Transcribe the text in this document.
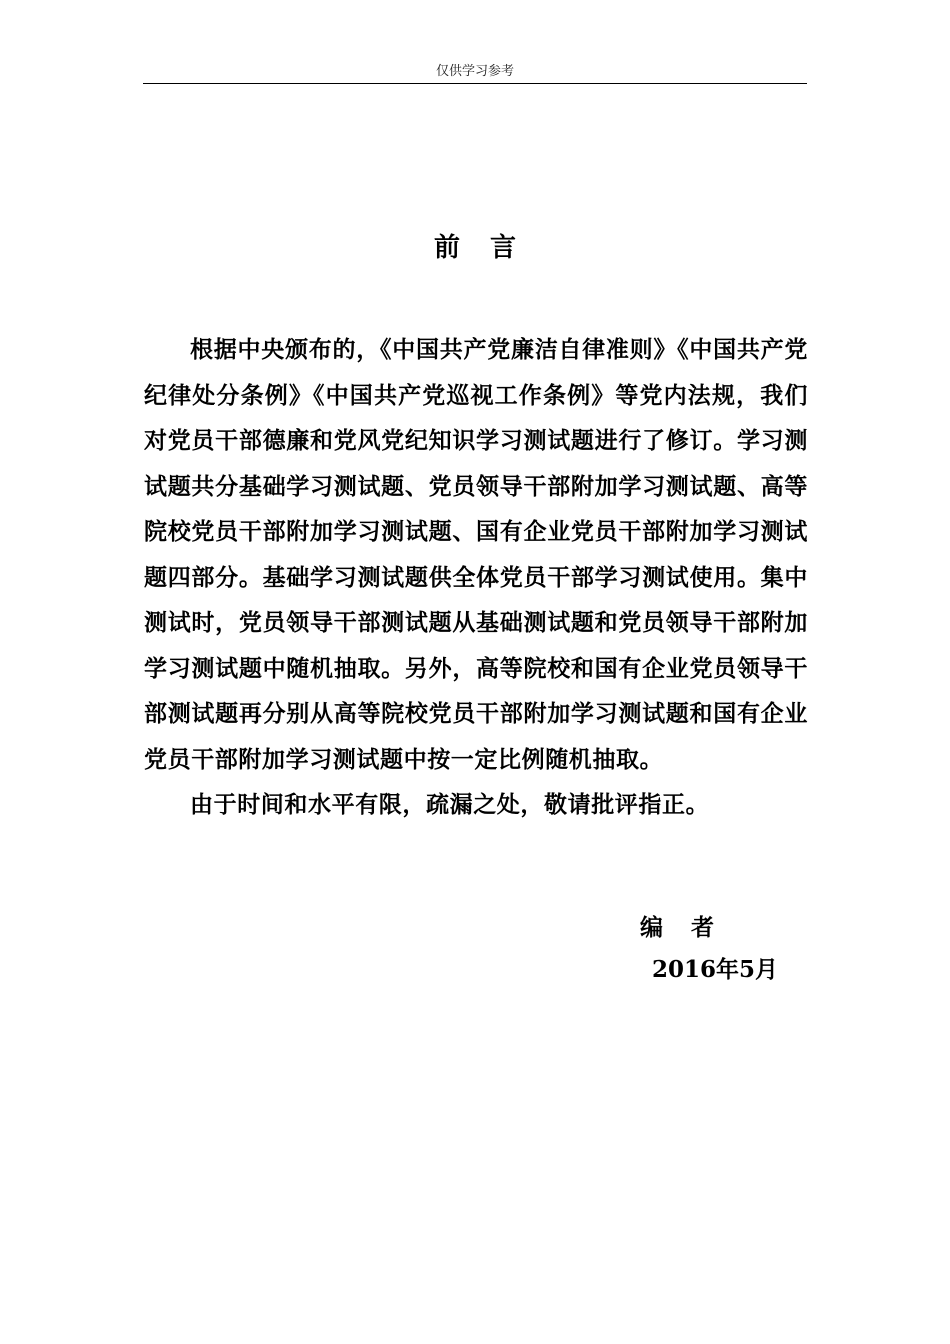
仅供学习参考
前言

根据中央颁布的，《中国共产党廉洁自律准则》《中国共产党纪律处分条例》《中国共产党巡视工作条例》等党内法规，我们对党员干部德廉和党风党纪知识学习测试题进行了修订。学习测试题共分基础学习测试题、党员领导干部附加学习测试题、高等院校党员干部附加学习测试题、国有企业党员干部附加学习测试题四部分。基础学习测试题供全体党员干部学习测试使用。集中测试时，党员领导干部测试题从基础测试题和党员领导干部附加学习测试题中随机抽取。另外，高等院校和国有企业党员领导干部测试题再分别从高等院校党员干部附加学习测试题和国有企业党员干部附加学习测试题中按一定比例随机抽取。

由于时间和水平有限，疏漏之处，敬请批评指正。

编者
2016年5月
